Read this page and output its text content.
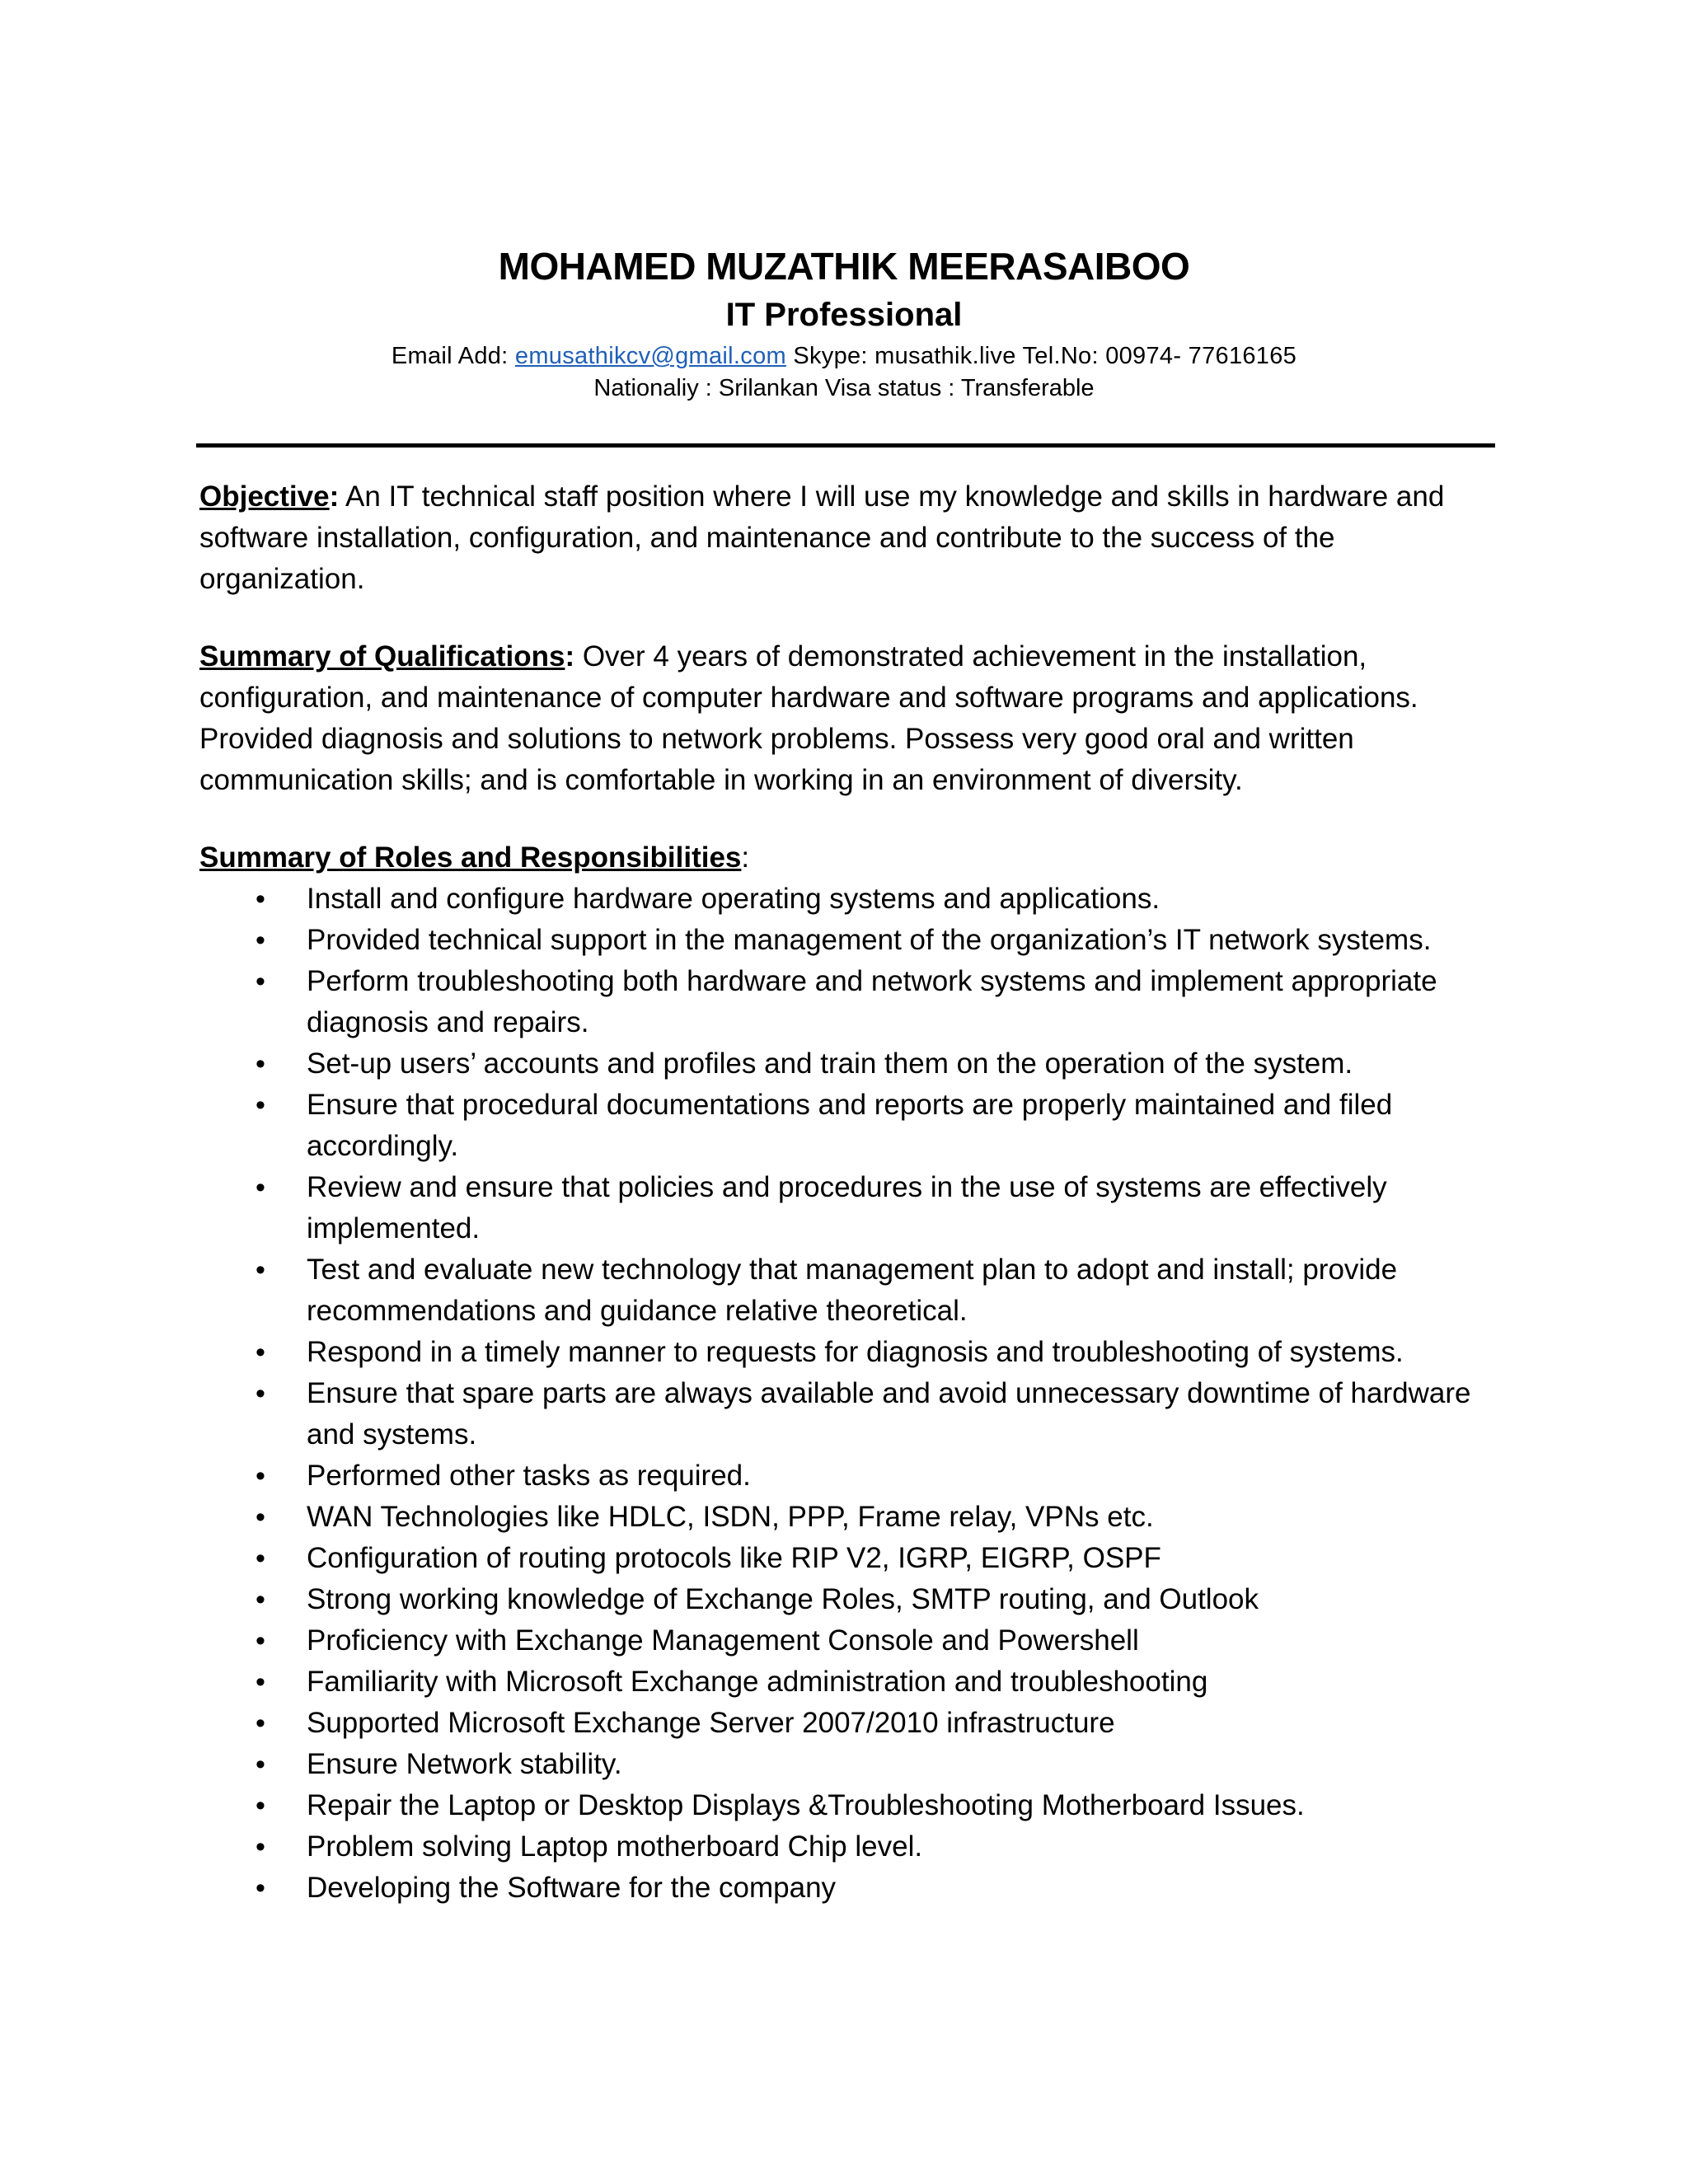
MOHAMED MUZATHIK MEERASAIBOO
IT Professional
Email Add: emusathikcv@gmail.com Skype: musathik.live Tel.No: 00974- 77616165
Nationaliy : Srilankan Visa status : Transferable
Objective: An IT technical staff position where I will use my knowledge and skills in hardware and software installation, configuration, and maintenance and contribute to the success of the organization.
Summary of Qualifications: Over 4 years of demonstrated achievement in the installation, configuration, and maintenance of computer hardware and software programs and applications. Provided diagnosis and solutions to network problems. Possess very good oral and written communication skills; and is comfortable in working in an environment of diversity.
Summary of Roles and Responsibilities:
• Install and configure hardware operating systems and applications.
• Provided technical support in the management of the organization’s IT network systems.
• Perform troubleshooting both hardware and network systems and implement appropriate diagnosis and repairs.
• Set-up users’ accounts and profiles and train them on the operation of the system.
• Ensure that procedural documentations and reports are properly maintained and filed accordingly.
• Review and ensure that policies and procedures in the use of systems are effectively implemented.
• Test and evaluate new technology that management plan to adopt and install; provide recommendations and guidance relative theoretical.
• Respond in a timely manner to requests for diagnosis and troubleshooting of systems.
• Ensure that spare parts are always available and avoid unnecessary downtime of hardware and systems.
• Performed other tasks as required.
• WAN Technologies like HDLC, ISDN, PPP, Frame relay, VPNs etc.
• Configuration of routing protocols like RIP V2, IGRP, EIGRP, OSPF
• Strong working knowledge of Exchange Roles, SMTP routing, and Outlook
• Proficiency with Exchange Management Console and Powershell
• Familiarity with Microsoft Exchange administration and troubleshooting
• Supported Microsoft Exchange Server 2007/2010 infrastructure
• Ensure Network stability.
• Repair the Laptop or Desktop Displays &Troubleshooting Motherboard Issues.
• Problem solving Laptop motherboard Chip level.
• Developing the Software for the company
